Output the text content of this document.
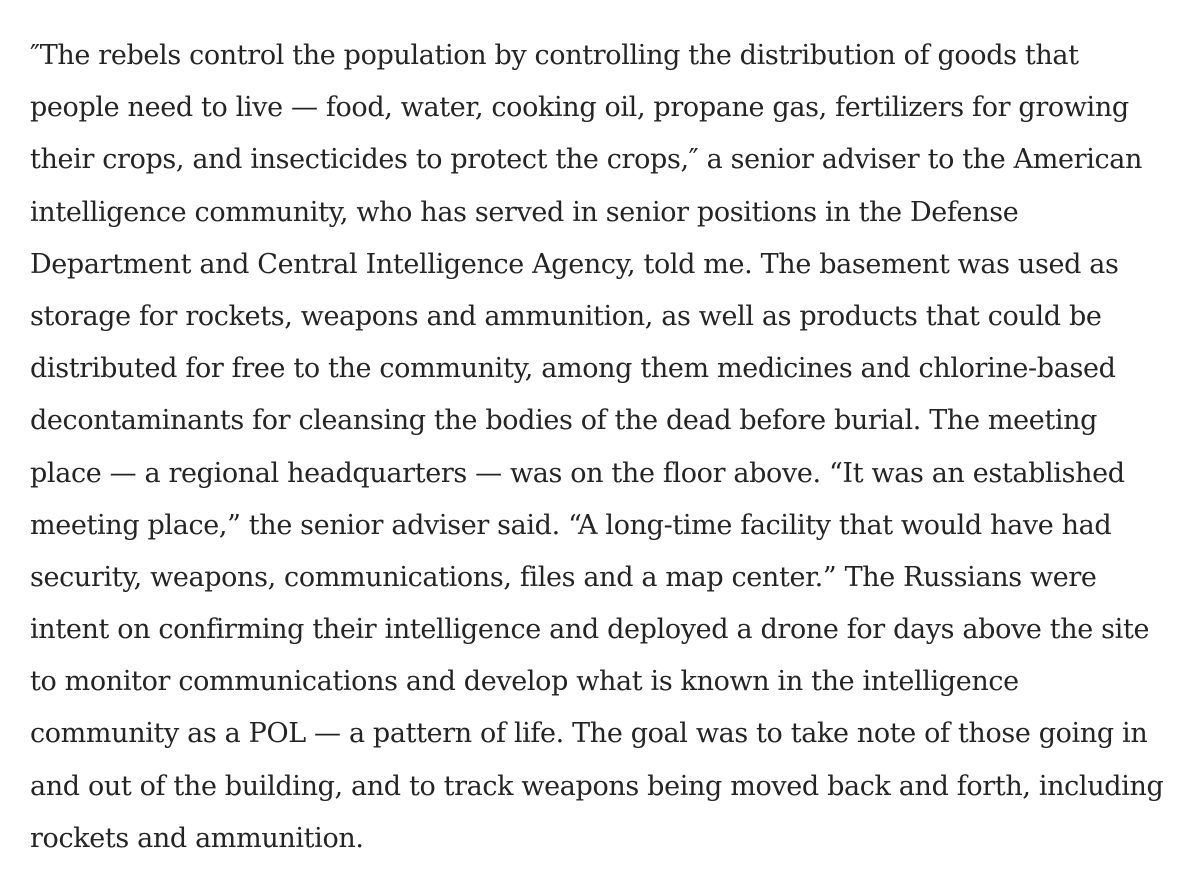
″The rebels control the population by controlling the distribution of goods that
people need to live — food, water, cooking oil, propane gas, fertilizers for growing
their crops, and insecticides to protect the crops,″ a senior adviser to the American
intelligence community, who has served in senior positions in the Defense
Department and Central Intelligence Agency, told me. The basement was used as
storage for rockets, weapons and ammunition, as well as products that could be
distributed for free to the community, among them medicines and chlorine-based
decontaminants for cleansing the bodies of the dead before burial. The meeting
place — a regional headquarters — was on the floor above. “It was an established
meeting place,” the senior adviser said. “A long-time facility that would have had
security, weapons, communications, files and a map center.” The Russians were
intent on confirming their intelligence and deployed a drone for days above the site
to monitor communications and develop what is known in the intelligence
community as a POL — a pattern of life. The goal was to take note of those going in
and out of the building, and to track weapons being moved back and forth, including
rockets and ammunition.
